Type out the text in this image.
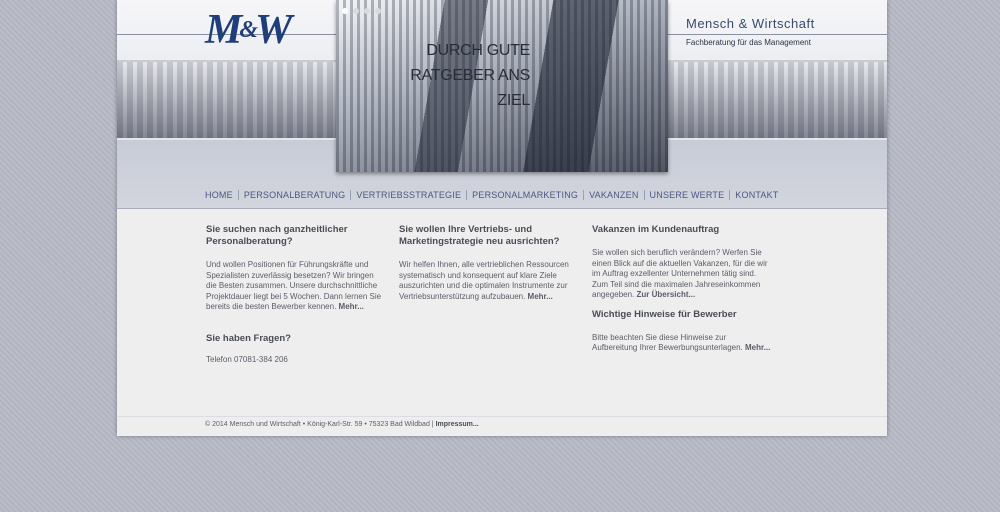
M&W	DURCH GUTE
RATGEBER ANS
ZIEL
Mensch & Wirtschaft
Fachberatung für das Management
HOME	PERSONALBERATUNG	VERTRIEBSSTRATEGIE	PERSONALMARKETING	VAKANZEN	UNSERE WERTE	KONTAKT
Sie suchen nach ganzheitlicher Personalberatung?

Und wollen Positionen für Führungskräfte und Spezialisten zuverlässig besetzen? Wir bringen die Besten zusammen. Unsere durchschnittliche Projektdauer liegt bei 5 Wochen. Dann lernen Sie bereits die besten Bewerber kennen. Mehr...

Sie haben Fragen?

Telefon 07081-384 206

Sie wollen Ihre Vertriebs- und Marketingstrategie neu ausrichten?

Wir helfen Ihnen, alle vertrieblichen Ressourcen systematisch und konsequent auf klare Ziele auszurichten und die optimalen Instrumente zur Vertriebsunterstützung aufzubauen. Mehr...

Vakanzen im Kundenauftrag

Sie wollen sich beruflich verändern? Werfen Sie einen Blick auf die aktuellen Vakanzen, für die wir im Auftrag exzellenter Unternehmen tätig sind. Zum Teil sind die maximalen Jahreseinkommen angegeben. Zur Übersicht...

Wichtige Hinweise für Bewerber

Bitte beachten Sie diese Hinweise zur Aufbereitung Ihrer Bewerbungsunterlagen. Mehr...

© 2014 Mensch und Wirtschaft • König-Karl-Str. 59 • 75323 Bad Wildbad | Impressum...
